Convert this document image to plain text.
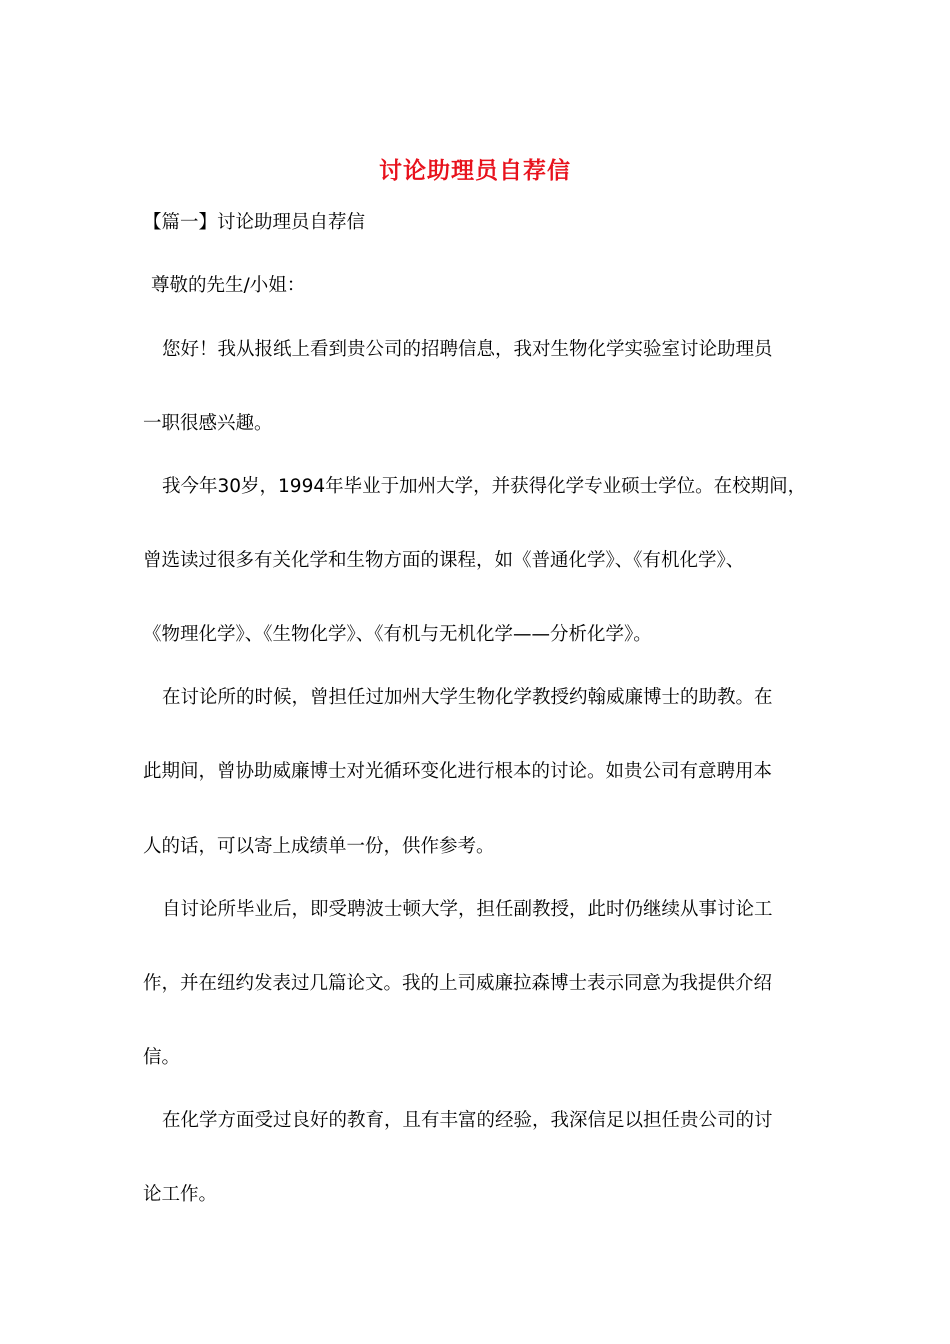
讨论助理员自荐信
【篇一】讨论助理员自荐信
尊敬的先生/小姐：
您好！我从报纸上看到贵公司的招聘信息，我对生物化学实验室讨论助理员
一职很感兴趣。
我今年30岁，1994年毕业于加州大学，并获得化学专业硕士学位。在校期间，
曾选读过很多有关化学和生物方面的课程，如《普通化学》、《有机化学》、
《物理化学》、《生物化学》、《有机与无机化学——分析化学》。
在讨论所的时候，曾担任过加州大学生物化学教授约翰威廉博士的助教。在
此期间，曾协助威廉博士对光循环变化进行根本的讨论。如贵公司有意聘用本
人的话，可以寄上成绩单一份，供作参考。
自讨论所毕业后，即受聘波士顿大学，担任副教授，此时仍继续从事讨论工
作，并在纽约发表过几篇论文。我的上司威廉拉森博士表示同意为我提供介绍
信。
在化学方面受过良好的教育，且有丰富的经验，我深信足以担任贵公司的讨
论工作。
